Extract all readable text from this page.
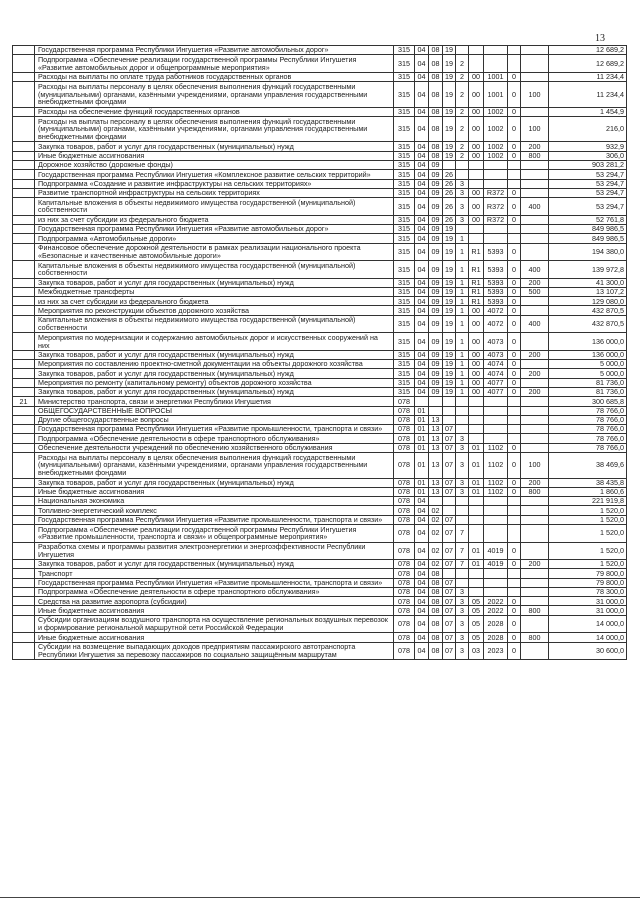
13
	Государственная программа Республики Ингушетия «Развитие автомобильных дорог»	315	04	08	19						12 689,2
	Подпрограмма «Обеспечение реализации государственной программы Республики Ингушетия «Развитие автомобильных дорог и общепрограммные мероприятия»	315	04	08	19	2					12 689,2
	Расходы на выплаты по оплате труда работников государственных органов	315	04	08	19	2	00	1001	0		11 234,4
	Расходы на выплаты персоналу в целях обеспечения выполнения функций государственными (муниципальными) органами, казёнными учреждениями, органами управления государственными внебюджетными фондами	315	04	08	19	2	00	1001	0	100	11 234,4
	Расходы на обеспечение функций государственных органов	315	04	08	19	2	00	1002	0		1 454,9
	Расходы на выплаты персоналу в целях обеспечения выполнения функций государственными (муниципальными) органами, казёнными учреждениями, органами управления государственными внебюджетными фондами	315	04	08	19	2	00	1002	0	100	216,0
	Закупка товаров, работ и услуг для государственных (муниципальных) нужд	315	04	08	19	2	00	1002	0	200	932,9
	Иные бюджетные ассигнования	315	04	08	19	2	00	1002	0	800	306,0
	Дорожное хозяйство (дорожные фонды)	315	04	09							903 281,2
	Государственная программа Республики Ингушетия «Комплексное развитие сельских территорий»	315	04	09	26						53 294,7
	Подпрограмма «Создание и развитие инфраструктуры на сельских территориях»	315	04	09	26	3					53 294,7
	Развитие транспортной инфраструктуры на сельских территориях	315	04	09	26	3	00	R372	0		53 294,7
	Капитальные вложения в объекты недвижимого имущества государственной (муниципальной) собственности	315	04	09	26	3	00	R372	0	400	53 294,7
	из них за счет субсидии из федерального бюджета	315	04	09	26	3	00	R372	0		52 761,8
	Государственная программа Республики Ингушетия «Развитие автомобильных дорог»	315	04	09	19						849 986,5
	Подпрограмма «Автомобильные дороги»	315	04	09	19	1					849 986,5
	Финансовое обеспечение дорожной деятельности в рамках реализации национального проекта «Безопасные и качественные автомобильные дороги»	315	04	09	19	1	R1	5393	0		194 380,0
	Капитальные вложения в объекты недвижимого имущества государственной (муниципальной) собственности	315	04	09	19	1	R1	5393	0	400	139 972,8
	Закупка товаров, работ и услуг для государственных (муниципальных) нужд	315	04	09	19	1	R1	5393	0	200	41 300,0
	Межбюджетные трансферты	315	04	09	19	1	R1	5393	0	500	13 107,2
	из них за счет субсидии из федерального бюджета	315	04	09	19	1	R1	5393	0		129 080,0
	Мероприятия по реконструкции объектов дорожного хозяйства	315	04	09	19	1	00	4072	0		432 870,5
	Капитальные вложения в объекты недвижимого имущества государственной (муниципальной) собственности	315	04	09	19	1	00	4072	0	400	432 870,5
	Мероприятия по модернизации и содержанию автомобильных дорог и искусственных сооружений на них	315	04	09	19	1	00	4073	0		136 000,0
	Закупка товаров, работ и услуг для государственных (муниципальных) нужд	315	04	09	19	1	00	4073	0	200	136 000,0
	Мероприятия по составлению проектно-сметной документации на объекты дорожного хозяйства	315	04	09	19	1	00	4074	0		5 000,0
	Закупка товаров, работ и услуг для государственных (муниципальных) нужд	315	04	09	19	1	00	4074	0	200	5 000,0
	Мероприятия по ремонту (капитальному ремонту) объектов дорожного хозяйства	315	04	09	19	1	00	4077	0		81 736,0
	Закупка товаров, работ и услуг для государственных (муниципальных) нужд	315	04	09	19	1	00	4077	0	200	81 736,0
21	Министерство транспорта, связи и энергетики Республики Ингушетия	078									300 685,8
	ОБЩЕГОСУДАРСТВЕННЫЕ ВОПРОСЫ	078	01								78 766,0
	Другие общегосударственные вопросы	078	01	13							78 766,0
	Государственная программа Республики Ингушетия «Развитие промышленности, транспорта и связи»	078	01	13	07						78 766,0
	Подпрограмма «Обеспечение деятельности в сфере транспортного обслуживания»	078	01	13	07	3					78 766,0
	Обеспечение деятельности учреждений по обеспечению хозяйственного обслуживания	078	01	13	07	3	01	1102	0		78 766,0
	Расходы на выплаты персоналу в целях обеспечения выполнения функций государственными (муниципальными) органами, казёнными учреждениями, органами управления государственными внебюджетными фондами	078	01	13	07	3	01	1102	0	100	38 469,6
	Закупка товаров, работ и услуг для государственных (муниципальных) нужд	078	01	13	07	3	01	1102	0	200	38 435,8
	Иные бюджетные ассигнования	078	01	13	07	3	01	1102	0	800	1 860,6
	Национальная экономика	078	04								221 919,8
	Топливно-энергетический комплекс	078	04	02							1 520,0
	Государственная программа Республики Ингушетия «Развитие промышленности, транспорта и связи»	078	04	02	07						1 520,0
	Подпрограмма «Обеспечение реализации государственной программы Республики Ингушетия «Развитие промышленности, транспорта и связи» и общепрограммные мероприятия»	078	04	02	07	7					1 520,0
	Разработка схемы и программы развития электроэнергетики и энергоэффективности Республики Ингушетия	078	04	02	07	7	01	4019	0		1 520,0
	Закупка товаров, работ и услуг для государственных (муниципальных) нужд	078	04	02	07	7	01	4019	0	200	1 520,0
	Транспорт	078	04	08							79 800,0
	Государственная программа Республики Ингушетия «Развитие промышленности, транспорта и связи»	078	04	08	07						79 800,0
	Подпрограмма «Обеспечение деятельности в сфере транспортного обслуживания»	078	04	08	07	3					78 300,0
	Средства на развитие аэропорта (субсидии)	078	04	08	07	3	05	2022	0		31 000,0
	Иные бюджетные ассигнования	078	04	08	07	3	05	2022	0	800	31 000,0
	Субсидии организациям воздушного транспорта на осуществление региональных воздушных перевозок и формирование региональной маршрутной сети Российской Федерации	078	04	08	07	3	05	2028	0		14 000,0
	Иные бюджетные ассигнования	078	04	08	07	3	05	2028	0	800	14 000,0
	Субсидии на возмещение выпадающих доходов предприятиям пассажирского автотранспорта Республики Ингушетия за перевозку пассажиров по социально защищённым маршрутам	078	04	08	07	3	03	2023	0		30 600,0
